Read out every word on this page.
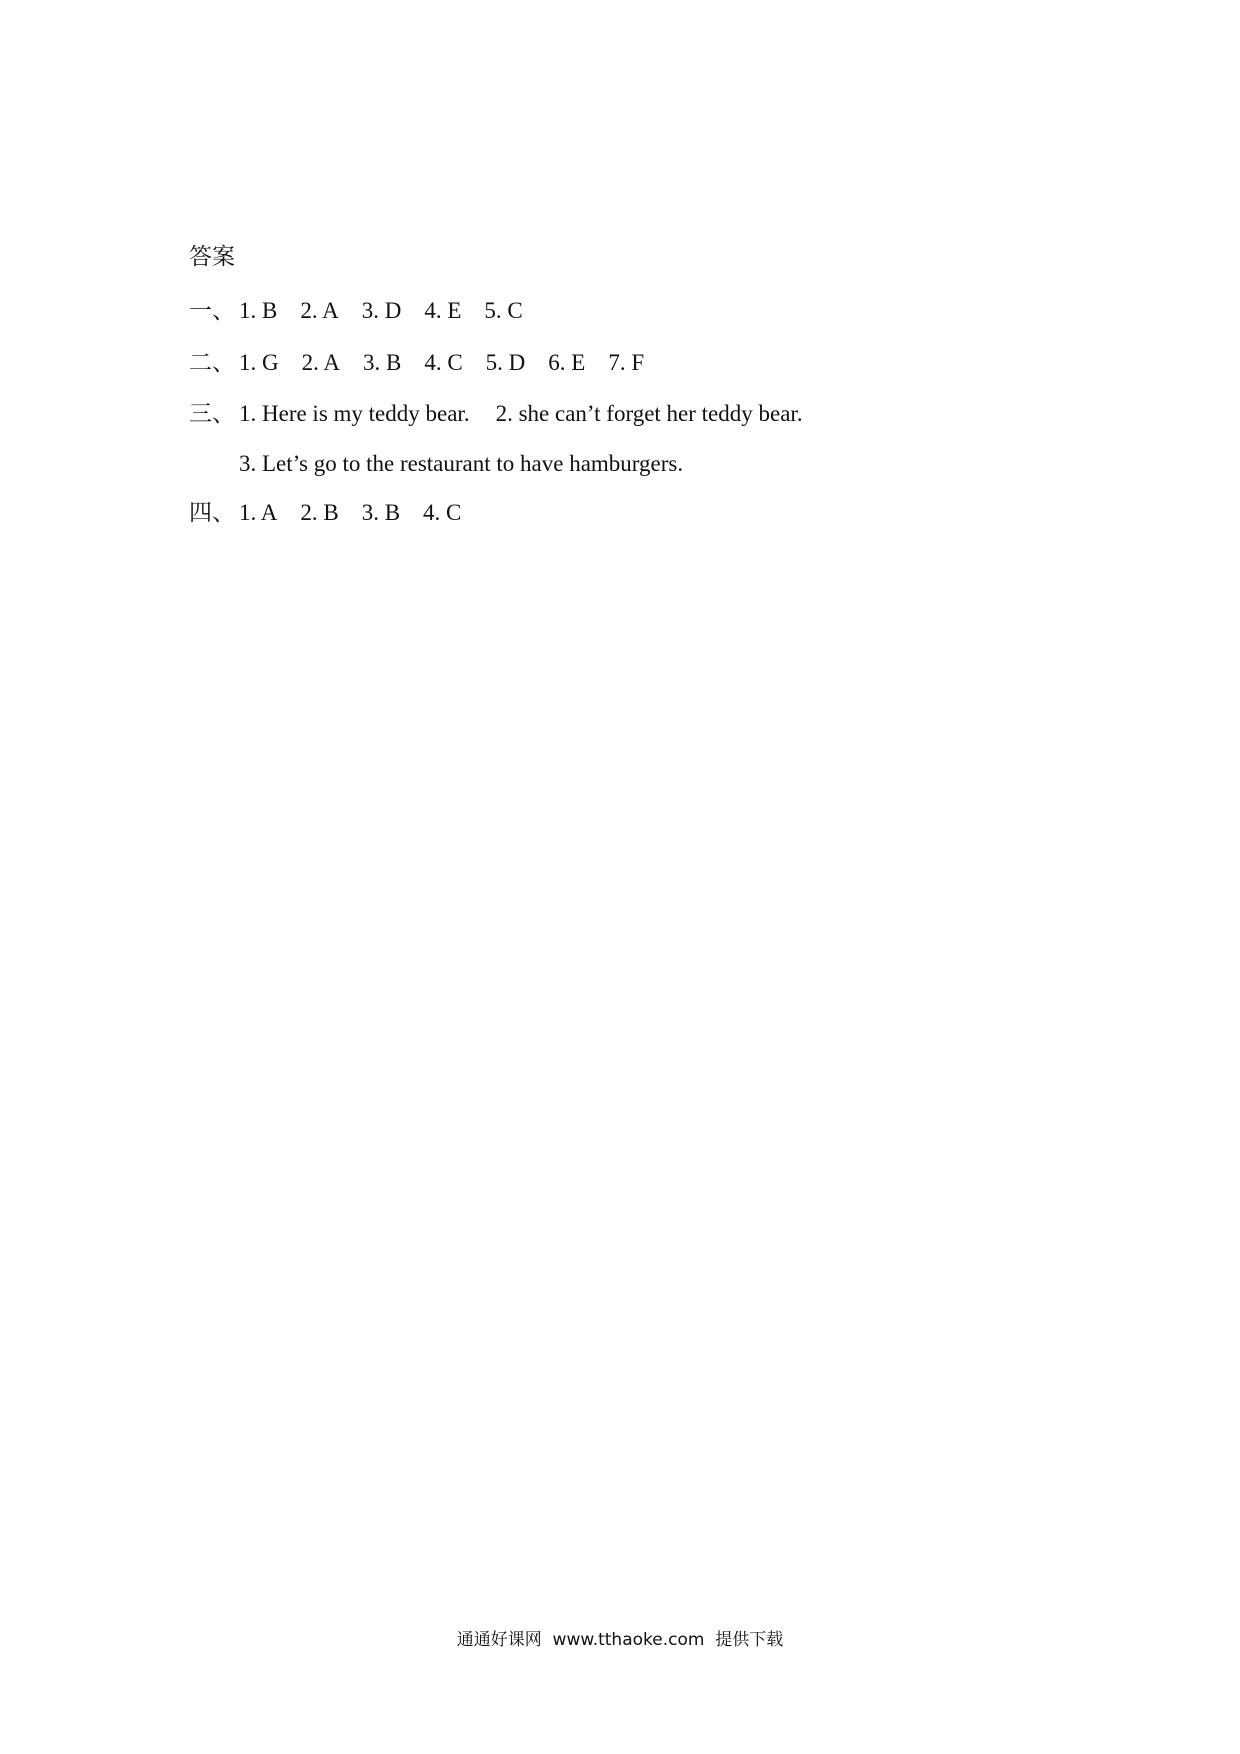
答案
一、 1. B 2. A 3. D 4. E 5. C
二、 1. G 2. A 3. B 4. C 5. D 6. E 7. F
三、 1. Here is my teddy bear. 2. she can’t forget her teddy bear.
3. Let’s go to the restaurant to have hamburgers.
四、 1. A 2. B 3. B 4. C
通通好课网  www.tthaoke.com  提供下载
